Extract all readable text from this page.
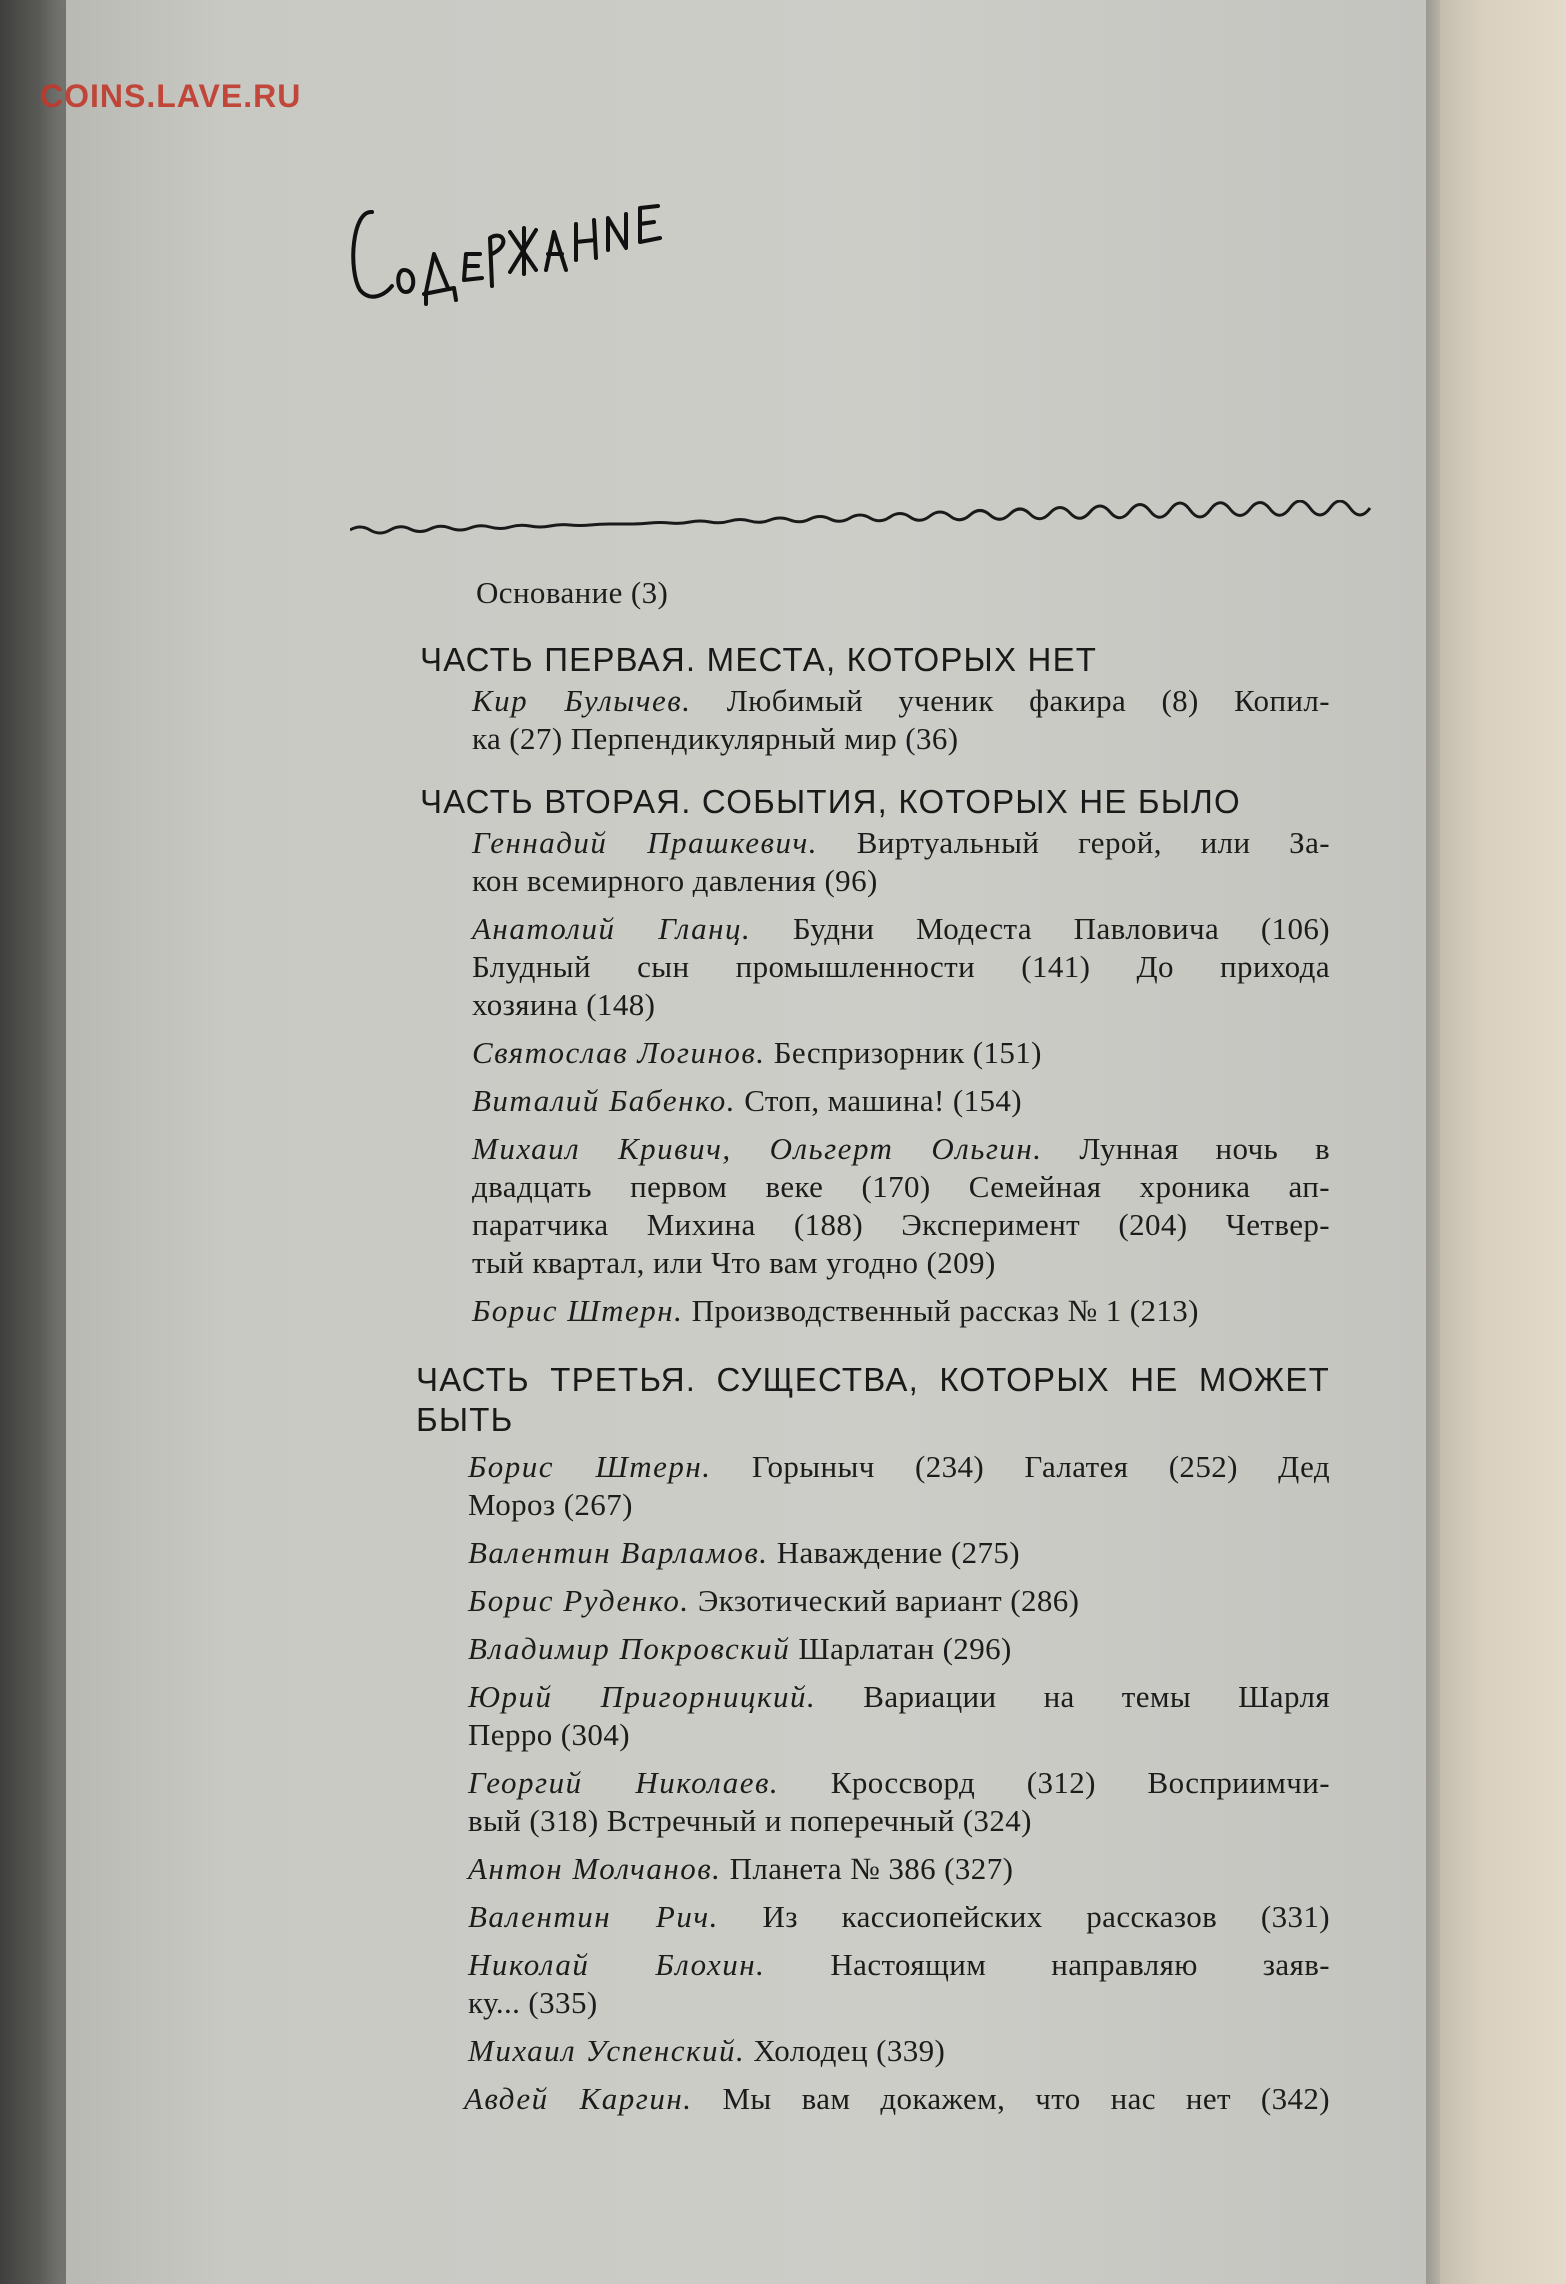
COINS.LAVE.RU
Основание (3)
ЧАСТЬ ПЕРВАЯ. МЕСТА, КОТОРЫХ НЕТ
Кир Булычев. Любимый ученик факира (8) Копил-
ка (27) Перпендикулярный мир (36)
ЧАСТЬ ВТОРАЯ. СОБЫТИЯ, КОТОРЫХ НЕ БЫЛО
Геннадий Прашкевич. Виртуальный герой, или За-
кон всемирного давления (96)
Анатолий Гланц. Будни Модеста Павловича (106)
Блудный сын промышленности (141) До прихода
хозяина (148)
Святослав Логинов. Беспризорник (151)
Виталий Бабенко. Стоп, машина! (154)
Михаил Кривич, Ольгерт Ольгин. Лунная ночь в
двадцать первом веке (170) Семейная хроника ап-
паратчика Михина (188) Эксперимент (204) Четвер-
тый квартал, или Что вам угодно (209)
Борис Штерн. Производственный рассказ № 1 (213)
ЧАСТЬ ТРЕТЬЯ. СУЩЕСТВА, КОТОРЫХ НЕ МОЖЕТ
БЫТЬ
Борис Штерн. Горыныч (234) Галатея (252) Дед
Мороз (267)
Валентин Варламов. Наваждение (275)
Борис Руденко. Экзотический вариант (286)
Владимир Покровский Шарлатан (296)
Юрий Пригорницкий. Вариации на темы Шарля
Перро (304)
Георгий Николаев. Кроссворд (312) Восприимчи-
вый (318) Встречный и поперечный (324)
Антон Молчанов. Планета № 386 (327)
Валентин Рич. Из кассиопейских рассказов (331)
Николай Блохин. Настоящим направляю заяв-
ку... (335)
Михаил Успенский. Холодец (339)
Авдей Каргин. Мы вам докажем, что нас нет (342)
